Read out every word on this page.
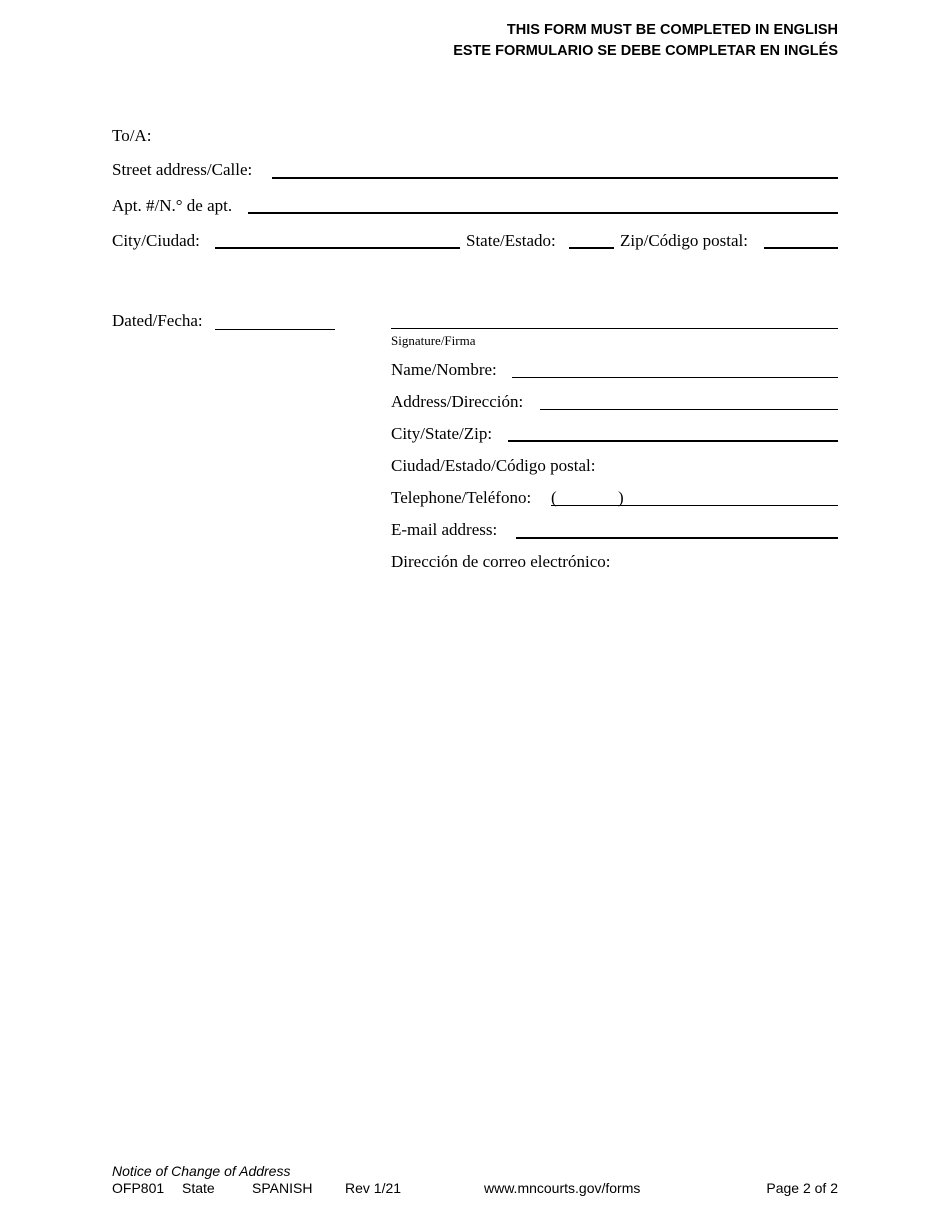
THIS FORM MUST BE COMPLETED IN ENGLISH
ESTE FORMULARIO SE DEBE COMPLETAR EN INGLÉS
To/A:
Street address/Calle:
Apt. #/N.° de apt.
City/Ciudad:	State/Estado:	Zip/Código postal:
Dated/Fecha:
Signature/Firma
Name/Nombre:
Address/Dirección:
City/State/Zip:
Ciudad/Estado/Código postal:
Telephone/Teléfono: (	)
E-mail address:
Dirección de correo electrónico:
Notice of Change of Address
OFP801 State	SPANISH Rev 1/21	www.mncourts.gov/forms	Page 2 of 2
